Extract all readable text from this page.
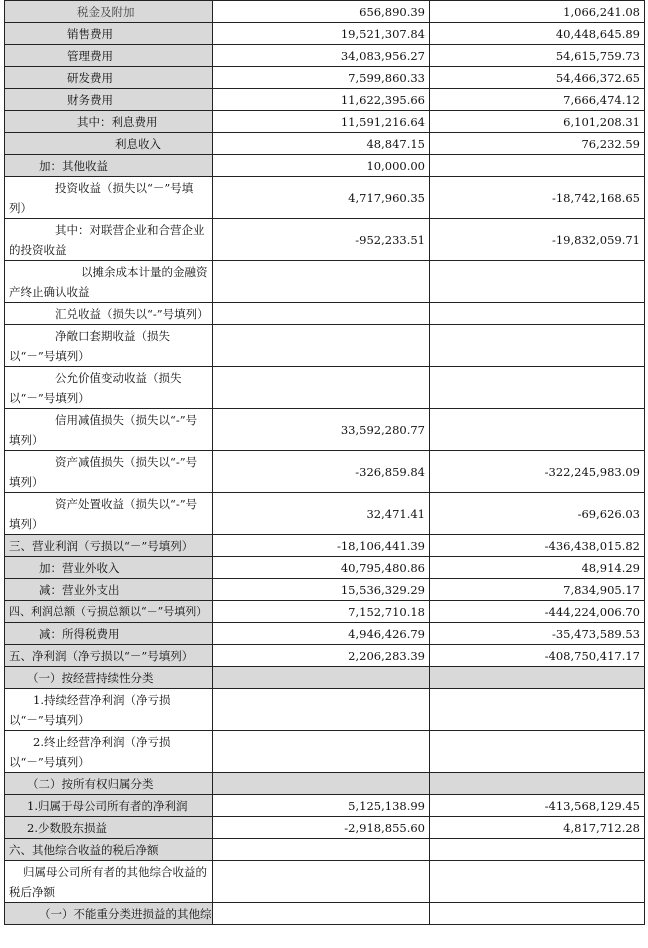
税金及附加	656,890.39	1,066,241.08
销售费用	19,521,307.84	40,448,645.89
管理费用	34,083,956.27	54,615,759.73
研发费用	7,599,860.33	54,466,372.65
财务费用	11,622,395.66	7,666,474.12
其中：利息费用	11,591,216.64	6,101,208.31
利息收入	48,847.15	76,232.59
加：其他收益	10,000.00	
投资收益（损失以“－”号填列）	4,717,960.35	-18,742,168.65
其中：对联营企业和合营企业的投资收益	-952,233.51	-19,832,059.71
以摊余成本计量的金融资产终止确认收益		
汇兑收益（损失以“-”号填列）		
净敞口套期收益（损失以“－”号填列）		
公允价值变动收益（损失以“－”号填列）		
信用减值损失（损失以“-”号填列）	33,592,280.77	
资产减值损失（损失以“-”号填列）	-326,859.84	-322,245,983.09
资产处置收益（损失以“-”号填列）	32,471.41	-69,626.03
三、营业利润（亏损以“－”号填列）	-18,106,441.39	-436,438,015.82
加：营业外收入	40,795,480.86	48,914.29
减：营业外支出	15,536,329.29	7,834,905.17
四、利润总额（亏损总额以“－”号填列）	7,152,710.18	-444,224,006.70
减：所得税费用	4,946,426.79	-35,473,589.53
五、净利润（净亏损以“－”号填列）	2,206,283.39	-408,750,417.17
（一）按经营持续性分类		
1.持续经营净利润（净亏损以“－”号填列）		
2.终止经营净利润（净亏损以“－”号填列）		
（二）按所有权归属分类		
1.归属于母公司所有者的净利润	5,125,138.99	-413,568,129.45
2.少数股东损益	-2,918,855.60	4,817,712.28
六、其他综合收益的税后净额		
归属母公司所有者的其他综合收益的税后净额		
（一）不能重分类进损益的其他综		
